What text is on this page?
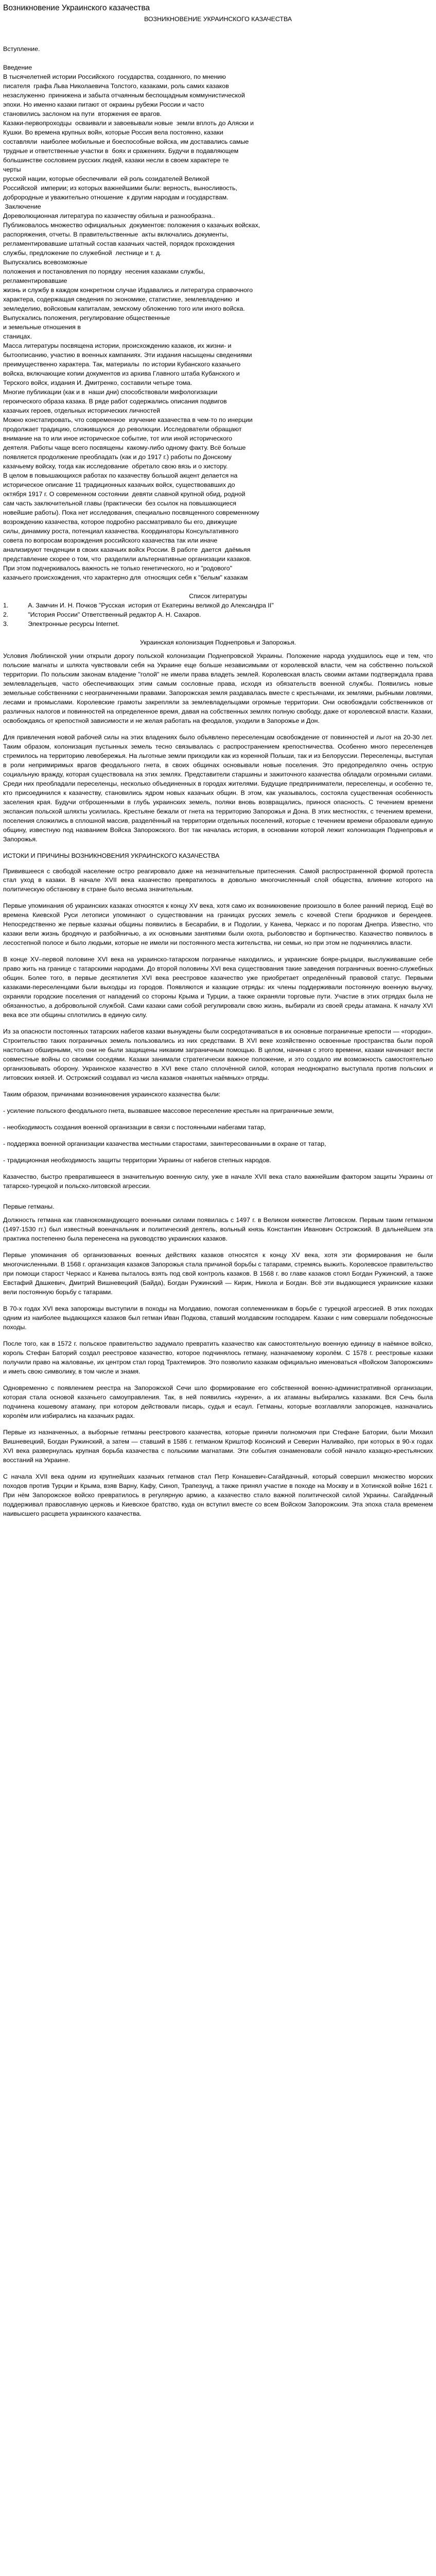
Возникновение Украинского казачества
ВОЗНИКНОВЕНИЕ УКРАИНСКОГО КАЗАЧЕСТВА

Вступление.

Введение

В тысячелетней истории Российского  государства, созданного, по мнению

писателя  графа Льва Николаевича Толстого, казаками, роль самих казаков

незаслуженно  принижена и забыта отчаянным беспощадным коммунистической

эпохи. Но именно казаки питают от окраины рубежи России и часто

становились заслоном на пути  вторжения ее врагов.

Казаки-первопроходцы  осваивали и завоевывали новые  земли вплоть до Аляски и

Кушки. Во времена крупных войн, которые Россия вела постоянно, казаки

составляли  наиболее мобильные и боеспособные войска, им доставались самые

трудные и ответственные участки в  боях и сражениях. Будучи в подавляющем

большинстве сословием русских людей, казаки несли в своем характере те

черты

русской нации, которые обеспечивали  ей роль созидателей Великой

Российской  империи; из которых важнейшими были: верность, выносливость,

доброродные и уважительно отношение  к другим народам и государствам.

Заключение

Дореволюционная литература по казачеству обильна и разнообразна..

Публиковалось множество официальных  документов: положения о казачьих войсках,

распоряжения, отчеты. В правительственные  акты включались документы,

регламентировавшие штатный состав казачьих частей, порядок прохождения

службы, предложение по служебной  лестнице и т. д.

Выпускались всевозможные

положения и постановления по порядку  несения казаками службы,

регламентировавшие

жизнь и службу в каждом конкретном случае Издавались и литература справочного

характера, содержащая сведения по экономике, статистике, землевладению  и

земледелию, войсковым капиталам, земскому обложению того или иного войска.

Выпускались положения, регулирование общественные

и земельные отношения в

станицах.

Масса литературы посвящена истории, происхождению казаков, их жизни- и

бытоописанию, участию в военных кампаниях. Эти издания насыщены сведениями

преимущественно характера. Так, материалы  по истории Кубанского казачьего

войска, включающие копии документов из архива Главного штаба Кубанского и

Терского войск, издания И. Дмитренко, составили четыре тома.

Многие публикации (как и в  наши дни) способствовали мифологизации

героического образа казака. В ряде работ содержались описания подвигов

казачьих героев, отдельных исторических личностей

Можно констатировать, что современное  изучение казачества в чем-то по инерции

продолжает традицию, сложившуюся  до революции. Исследователи обращают

внимание на то или иное историческое событие, тот или иной исторического

деятеля. Работы чаще всего посвящены  какому-либо одному факту. Всё больше

появляется продолжение преобладать (как и до 1917 г.) работы по Донскому

казачьему войску, тогда как исследование  обретало свою вязь и о хистору.

В целом в повышающихся работах по казачеству большой акцент делается на

историческое описание 11 традиционных казачьих войск, существовавших до

октября 1917 г. О современном состоянии  девяти славной крупной обид, родной

сам часть заключительной главы (практически  без ссылок на повышающиеся

новейшие работы). Пока нет исследования, специально посвященного современному

возрождению казачества, которое подробно рассматривало бы его, движущие

силы, динамику роста, потенциал казачества. Координаторы Консультативного

совета по вопросам возрождения российского казачества так или иначе

анализируют тенденции в своих казачьих войск России. В работе  дается  даёмьяя

представление скорее о том, что  разделили альтернативные организации казаков.

При этом подчеркивалось важность не только генетического, но и "родового"

казачьего происхождения, что характерно для  относящих себя к "белым" казакам

Список литературы

1.           А. Замчин И. Н. Почков "Русская  история от Екатерины великой до Александра II"

2.           "История России" Ответственный редактор А. Н. Сахаров.

3.           Электронные ресурсы Internet.

Украинская колонизация Поднепровья и Запорожья.

Условия Люблинской унии открыли дорогу польской колонизации Поднепровской Украины. Положение народа ухудшилось еще и тем, что польские магнаты и шляхта чувствовали себя на Украине еще больше независимыми от королевской власти, чем на собственно польской территории. По польским законам владение "голой" не имели права владеть землей. Королевская власть своими актами подтверждала права землевладельцев, часто обеспечивающих этим самым сословные права, исходя из обязательств военной службы. Появились новые земельные собственники с неограниченными правами. Запорожская земля раздавалась вместе с крестьянами, их землями, рыбными ловлями, лесами и промыслами. Королевские грамоты закрепляли за землевладельцами огромные территории. Они освобождали собственников от различных налогов и повинностей на определенное время, давая на собственных землях полную свободу, даже от королевской власти. Казаки, освобождаясь от крепостной зависимости и не желая работать на феодалов, уходили в Запорожье и Дон.

Для привлечения новой рабочей силы на этих владениях было объявлено переселенцам освобождение от повинностей и льгот на 20-30 лет. Таким образом, колонизация пустынных земель тесно связывалась с распространением крепостничества. Особенно много переселенцев стремилось на территорию левобережья. На льготные земли приходили как из коренной Польши, так и из Белоруссии. Переселенцы, выступая в роли непримиримых врагов феодального гнета, в своих общинах основывали новые поселения. Это предопределяло очень острую социальную вражду, которая существовала на этих землях. Представители старшины и зажиточного казачества обладали огромными силами. Среди них преобладали переселенцы, несколько объединенных в городах жителями. Будущие предприниматели, переселенцы, и особенно те, кто присоединился к казачеству, становились ядром новых казачьих общин. В этом, как указывалось, состояла существенная особенность заселения края. Будучи отброшенными в глубь украинских земель, поляки вновь возвращались, принося опасность. С течением времени экспансия польской шляхты усилилась. Крестьяне бежали от гнета на территорию Запорожья и Дона. В этих местностях, с течением времени, поселения сложились в сплошной массив, разделённый на территории отдельных поселений, которые с течением времени образовали единую общину, известную под названием Войска Запорожского. Вот так началась история, в основании которой лежит колонизация Поднепровья и Запорожья.

ИСТОКИ И ПРИЧИНЫ ВОЗНИКНОВЕНИЯ УКРАИНСКОГО КАЗАЧЕСТВА

Привившееся с свободой население остро реагировало даже на незначительные притеснения. Самой распространенной формой протеста стал уход в казаки. В начале XVII века казачество превратилось в довольно многочисленный слой общества, влияние которого на политическую обстановку в стране было весьма значительным.

Первые упоминания об украинских казаках относятся к концу XV века, хотя само их возникновение произошло в более ранний период. Ещё во времена Киевской Руси летописи упоминают о существовании на границах русских земель с кочевой Степи бродников и берендеев. Непосредственно же первые казачьи общины появились в Бесарабии, в и Подолии, у Канева, Черкасс и по порогам Днепра. Известно, что казаки вели жизнь бродячую и разбойничью, а их основными занятиями были охота, рыболовство и бортничество. Казачество появилось в лесостепной полосе и было людьми, которые не имели ни постоянного места жительства, ни семьи, но при этом не подчинялись власти.

В конце XV–первой половине XVI века на украинско-татарском пограничье находились, и украинские бояре-рыцари, выслуживавшие себе право жить на границе с татарскими народами. До второй половины XVI века существования такие заведения пограничных военно-служебных общин. Более того, в первые десятилетия XVI века реестровое казачество уже приобретает определённый правовой статус. Первыми казаками-переселенцами были выходцы из городов. Появляются и казацкие отряды: их члены поддерживали постоянную военную выучку, охраняли городские поселения от нападений со стороны Крыма и Турции, а также охраняли торговые пути. Участие в этих отрядах была не обязанностью, а добровольной службой. Сами казаки сами собой регулировали свою жизнь, выбирали из своей среды атамана. К началу XVI века все эти общины сплотились в единую силу.

Из за опасности постоянных татарских набегов казаки вынуждены были сосредотачиваться в их основные пограничные крепости — «городки». Строительство таких пограничных земель пользовались из них средствами. В XVI веке хозяйственно освоенные пространства были порой настолько обширными, что они не были защищены никаким заграничным помощью. В целом, начиная с этого времени, казаки начинают вести совместные войны со своими соседями. Казаки занимали стратегически важное положение, и это создало им возможность самостоятельно организовывать оборону. Украинское казачество в XVI веке стало сплочённой силой, которая неоднократно выступала против польских и литовских князей. И. Острожский создавал из числа казаков «нанятых наёмных» отряды.

Таким образом, причинами возникновения украинского казачества были:

- усиление польского феодального гнета, вызвавшее массовое переселение крестьян на приграничные земли,

- необходимость создания военной организации в связи с постоянными набегами татар,

- поддержка военной организации казачества местными старостами, заинтересованными в охране от татар,

- традиционная необходимость защиты территории Украины от набегов степных народов.

Казачество, быстро превратившееся в значительную военную силу, уже в начале XVII века стало важнейшим фактором защиты Украины от татарско-турецкой и польско-литовской агрессии.

Первые гетманы.

Должность гетмана как главнокомандующего военными силами появилась с 1497 г. в Великом княжестве Литовском. Первым таким гетманом (1497-1530 гг.) был известный военачальник и политический деятель, вольный князь Константин Иванович Острожский. В дальнейшем эта практика постепенно была перенесена на руководство украинских казаков.

Первые упоминания об организованных военных действиях казаков относятся к концу XV века, хотя эти формирования не были многочисленными. В 1568 г. организация казаков Запорожья стала причиной борьбы с татарами, стремясь выжить. Королевское правительство при помощи старост Черкасс и Канева пыталось взять под свой контроль казаков. В 1568 г. во главе казаков стоял Богдан Ружинский, а также Евстафий Дашкевич, Дмитрий Вишневецкий (Байда), Богдан Ружинский — Кирик, Никола и Богдан. Всё эти выдающиеся украинские казаки вели постоянную борьбу с татарами.

В 70-х годах XVI века запорожцы выступили в походы на Молдавию, помогая соплеменникам в борьбе с турецкой агрессией. В этих походах одним из наиболее выдающихся казаков был гетман Иван Подкова, ставший молдавским господарем. Казаки с ним совершали победоносные походы.

После того, как в 1572 г. польское правительство задумало превратить казачество как самостоятельную военную единицу в наёмное войско, король Стефан Баторий создал реестровое казачество, которое подчинялось гетману, назначаемому королём. С 1578 г. реестровые казаки получили право на жалованье, их центром стал город Трахтемиров. Это позволило казакам официально именоваться «Войском Запорожским» и иметь свою символику, в том числе и знамя.

Одновременно с появлением реестра на Запорожской Сечи шло формирование его собственной военно-административной организации, которая стала основой казачьего самоуправления. Так, в ней появились «курени», а их атаманы выбирались казаками. Вся Сечь была подчинена кошевому атаману, при котором действовали писарь, судья и есаул. Гетманы, которые возглавляли запорожцев, назначались королём или избирались на казачьих радах.

Первые из назначенных, а выборные гетманы реестрового казачества, которые приняли полномочия при Стефане Батории, были Михаил Вишневецкий, Богдан Ружинский, а затем — ставший в 1586 г. гетманом Криштоф Косинский и Северин Наливайко, при которых в 90-х годах XVI века развернулась крупная борьба казачества с польскими магнатами. Эти события ознаменовали собой начало казацко-крестьянских восстаний на Украине.

С начала XVII века одним из крупнейших казачьих гетманов стал Петр Конашевич-Сагайдачный, который совершил множество морских походов против Турции и Крыма, взяв Варну, Кафу, Синоп, Трапезунд, а также принял участие в походе на Москву и в Хотинской войне 1621 г. При нём Запорожское войско превратилось в регулярную армию, а казачество стало важной политической силой Украины. Сагайдачный поддерживал православную церковь и Киевское братство, куда он вступил вместе со всем Войском Запорожским. Эта эпоха стала временем наивысшего расцвета украинского казачества.
